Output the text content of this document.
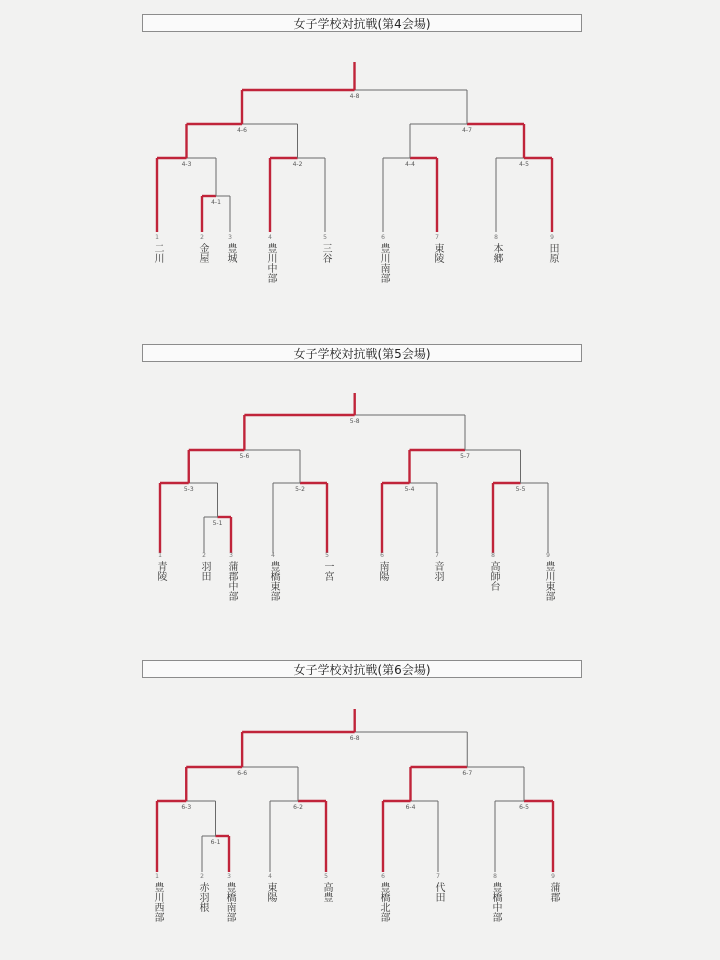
女子学校対抗戦(第4会場)
女子学校対抗戦(第5会場)
女子学校対抗戦(第6会場)
4-1
4-3	4-2	4-4	4-5
4-6	4-7
4-8
5-1
5-3	5-2	5-4	5-5
5-6	5-7
5-8
6-1
6-3	6-2	6-4	6-5
6-6	6-7
6-8
1
二川
2
金屋
3
豊城
4
豊川中部
5
三谷
6
豊川南部
7
東陵
8
本郷
9
田原
1
青陵
2
羽田
3
蒲郡中部
4
豊橋東部
5
一宮
6
南陽
7
音羽
8
高師台
9
豊川東部
1
豊川西部
2
赤羽根
3
豊橋南部
4
東陽
5
高豊
6
豊橋北部
7
代田
8
豊橋中部
9
蒲郡
